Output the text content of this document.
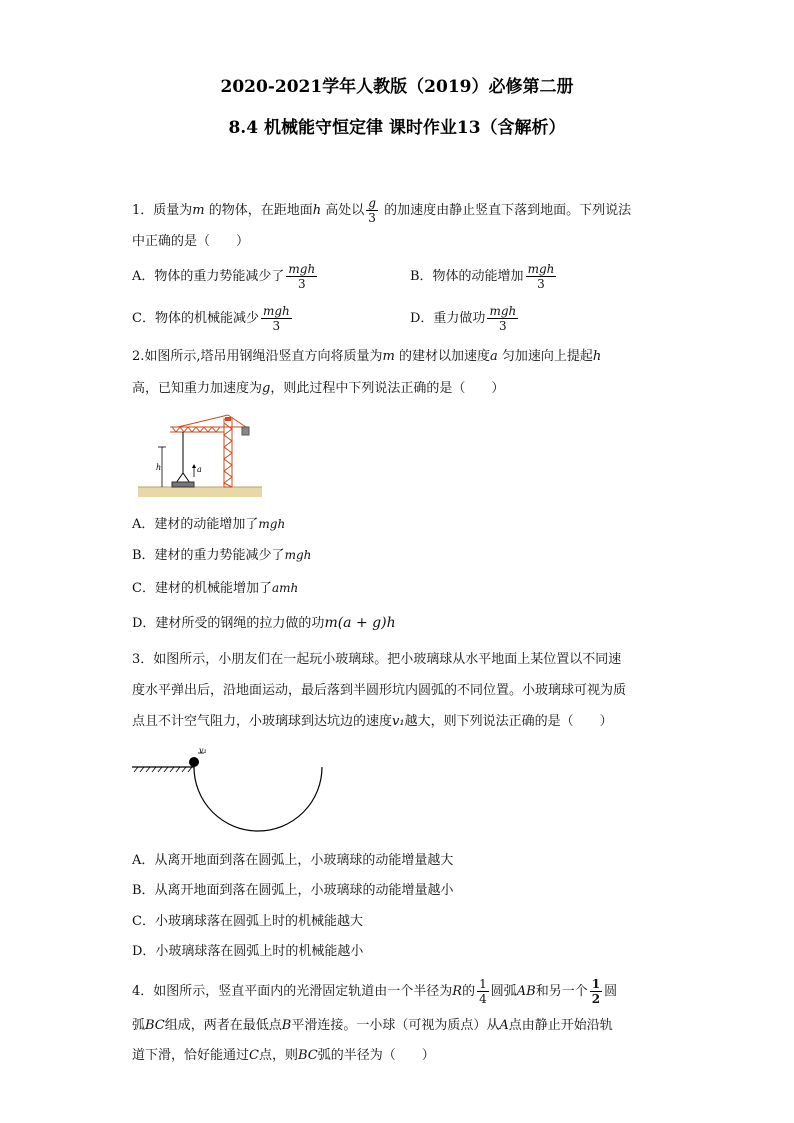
2020-2021学年人教版（2019）必修第二册
8.4 机械能守恒定律 课时作业13（含解析）
1．质量为m 的物体，在距地面h 高处以 $\frac{g}{3}$ 的加速度由静止竖直下落到地面。下列说法
中正确的是（　　）
A．物体的重力势能减少了 $\frac{\text{mgh}}{3}$	B．物体的动能增加 $\frac{\text{mgh}}{3}$
C．物体的机械能减少 $\frac{\text{mgh}}{3}$	D．重力做功 $\frac{\text{mgh}}{3}$
2.如图所示,塔吊用钢绳沿竖直方向将质量为m 的建材以加速度a 匀加速向上提起h
高，已知重力加速度为g，则此过程中下列说法正确的是（　　）
h	a
A．建材的动能增加了mgh
B．建材的重力势能减少了mgh
C．建材的机械能增加了amh
D．建材所受的钢绳的拉力做的功m(a + g)h
3．如图所示，小朋友们在一起玩小玻璃球。把小玻璃球从水平地面上某位置以不同速
度水平弹出后，沿地面运动，最后落到半圆形坑内圆弧的不同位置。小玻璃球可视为质
点且不计空气阻力，小玻璃球到达坑边的速度v₁越大，则下列说法正确的是（　　）
v₁
A．从离开地面到落在圆弧上，小玻璃球的动能增量越大
B．从离开地面到落在圆弧上，小玻璃球的动能增量越小
C．小玻璃球落在圆弧上时的机械能越大
D．小玻璃球落在圆弧上时的机械能越小
4．如图所示，竖直平面内的光滑固定轨道由一个半径为R的 $\frac{1}{4}$ 圆弧AB和另一个 $\frac{1}{2}$ 圆
弧BC组成，两者在最低点B平滑连接。一小球（可视为质点）从A点由静止开始沿轨
道下滑，恰好能通过C点，则BC弧的半径为（　　）
